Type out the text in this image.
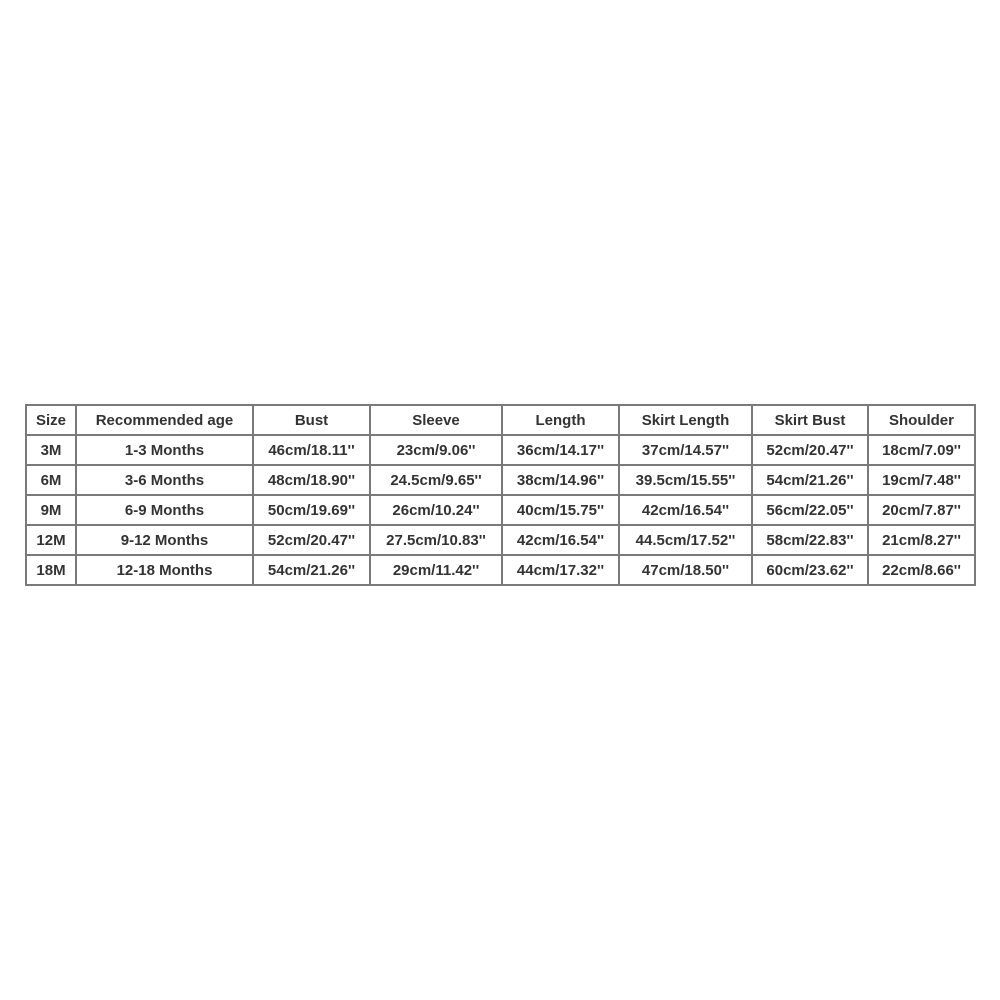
Size	Recommended age	Bust	Sleeve	Length	Skirt Length	Skirt Bust	Shoulder
3M	1-3 Months	46cm/18.11''	23cm/9.06''	36cm/14.17''	37cm/14.57''	52cm/20.47''	18cm/7.09''
6M	3-6 Months	48cm/18.90''	24.5cm/9.65''	38cm/14.96''	39.5cm/15.55''	54cm/21.26''	19cm/7.48''
9M	6-9 Months	50cm/19.69''	26cm/10.24''	40cm/15.75''	42cm/16.54''	56cm/22.05''	20cm/7.87''
12M	9-12 Months	52cm/20.47''	27.5cm/10.83''	42cm/16.54''	44.5cm/17.52''	58cm/22.83''	21cm/8.27''
18M	12-18 Months	54cm/21.26''	29cm/11.42''	44cm/17.32''	47cm/18.50''	60cm/23.62''	22cm/8.66''
